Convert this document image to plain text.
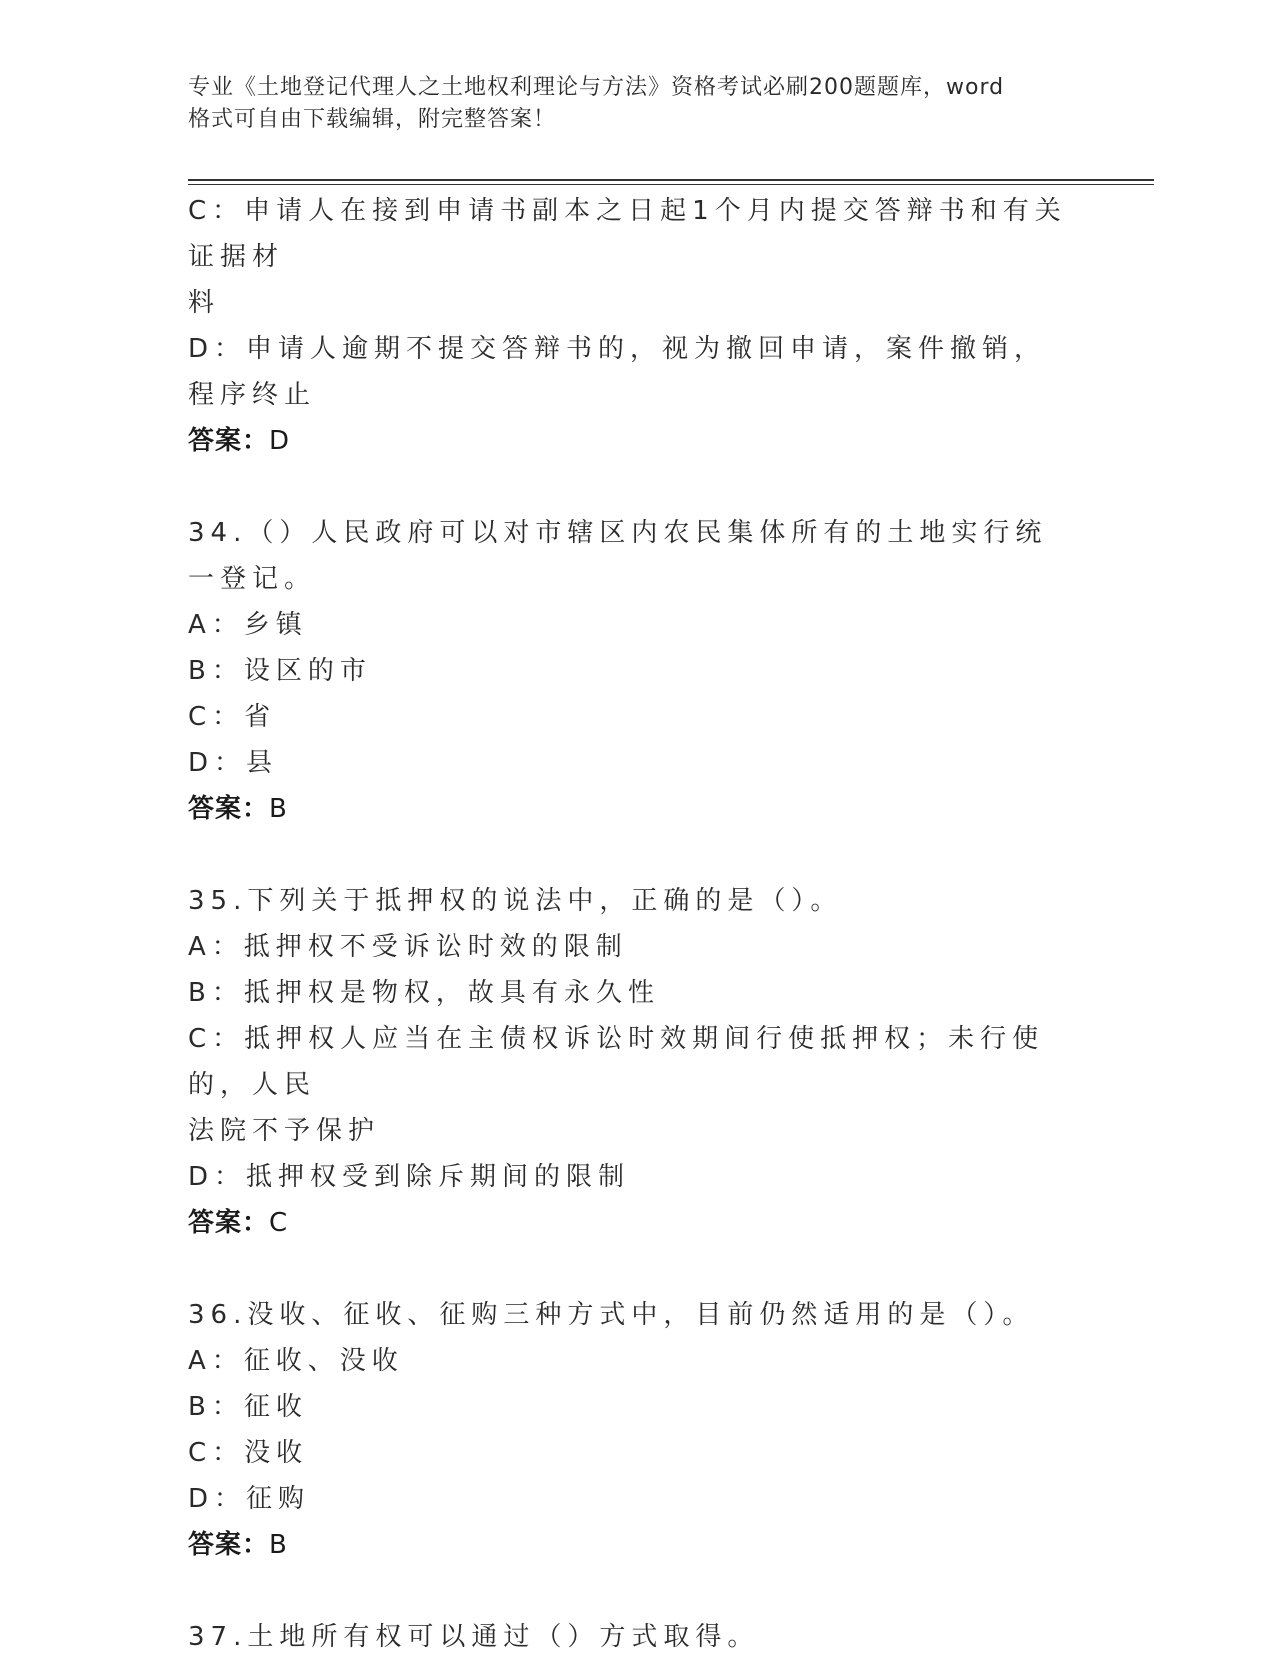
专业《土地登记代理人之土地权利理论与方法》资格考试必刷200题题库，word
格式可自由下载编辑，附完整答案！

C：申请人在接到申请书副本之日起1个月内提交答辩书和有关证据材

料

D：申请人逾期不提交答辩书的，视为撤回申请，案件撤销，程序终止

答案：D

34.（）人民政府可以对市辖区内农民集体所有的土地实行统一登记。

A：乡镇

B：设区的市

C：省

D：县

答案：B

35.下列关于抵押权的说法中，正确的是（）。

A：抵押权不受诉讼时效的限制

B：抵押权是物权，故具有永久性

C：抵押权人应当在主债权诉讼时效期间行使抵押权；未行使的，人民

法院不予保护

D：抵押权受到除斥期间的限制

答案：C

36.没收、征收、征购三种方式中，目前仍然适用的是（）。

A：征收、没收

B：征收

C：没收

D：征购

答案：B

37.土地所有权可以通过（）方式取得。
